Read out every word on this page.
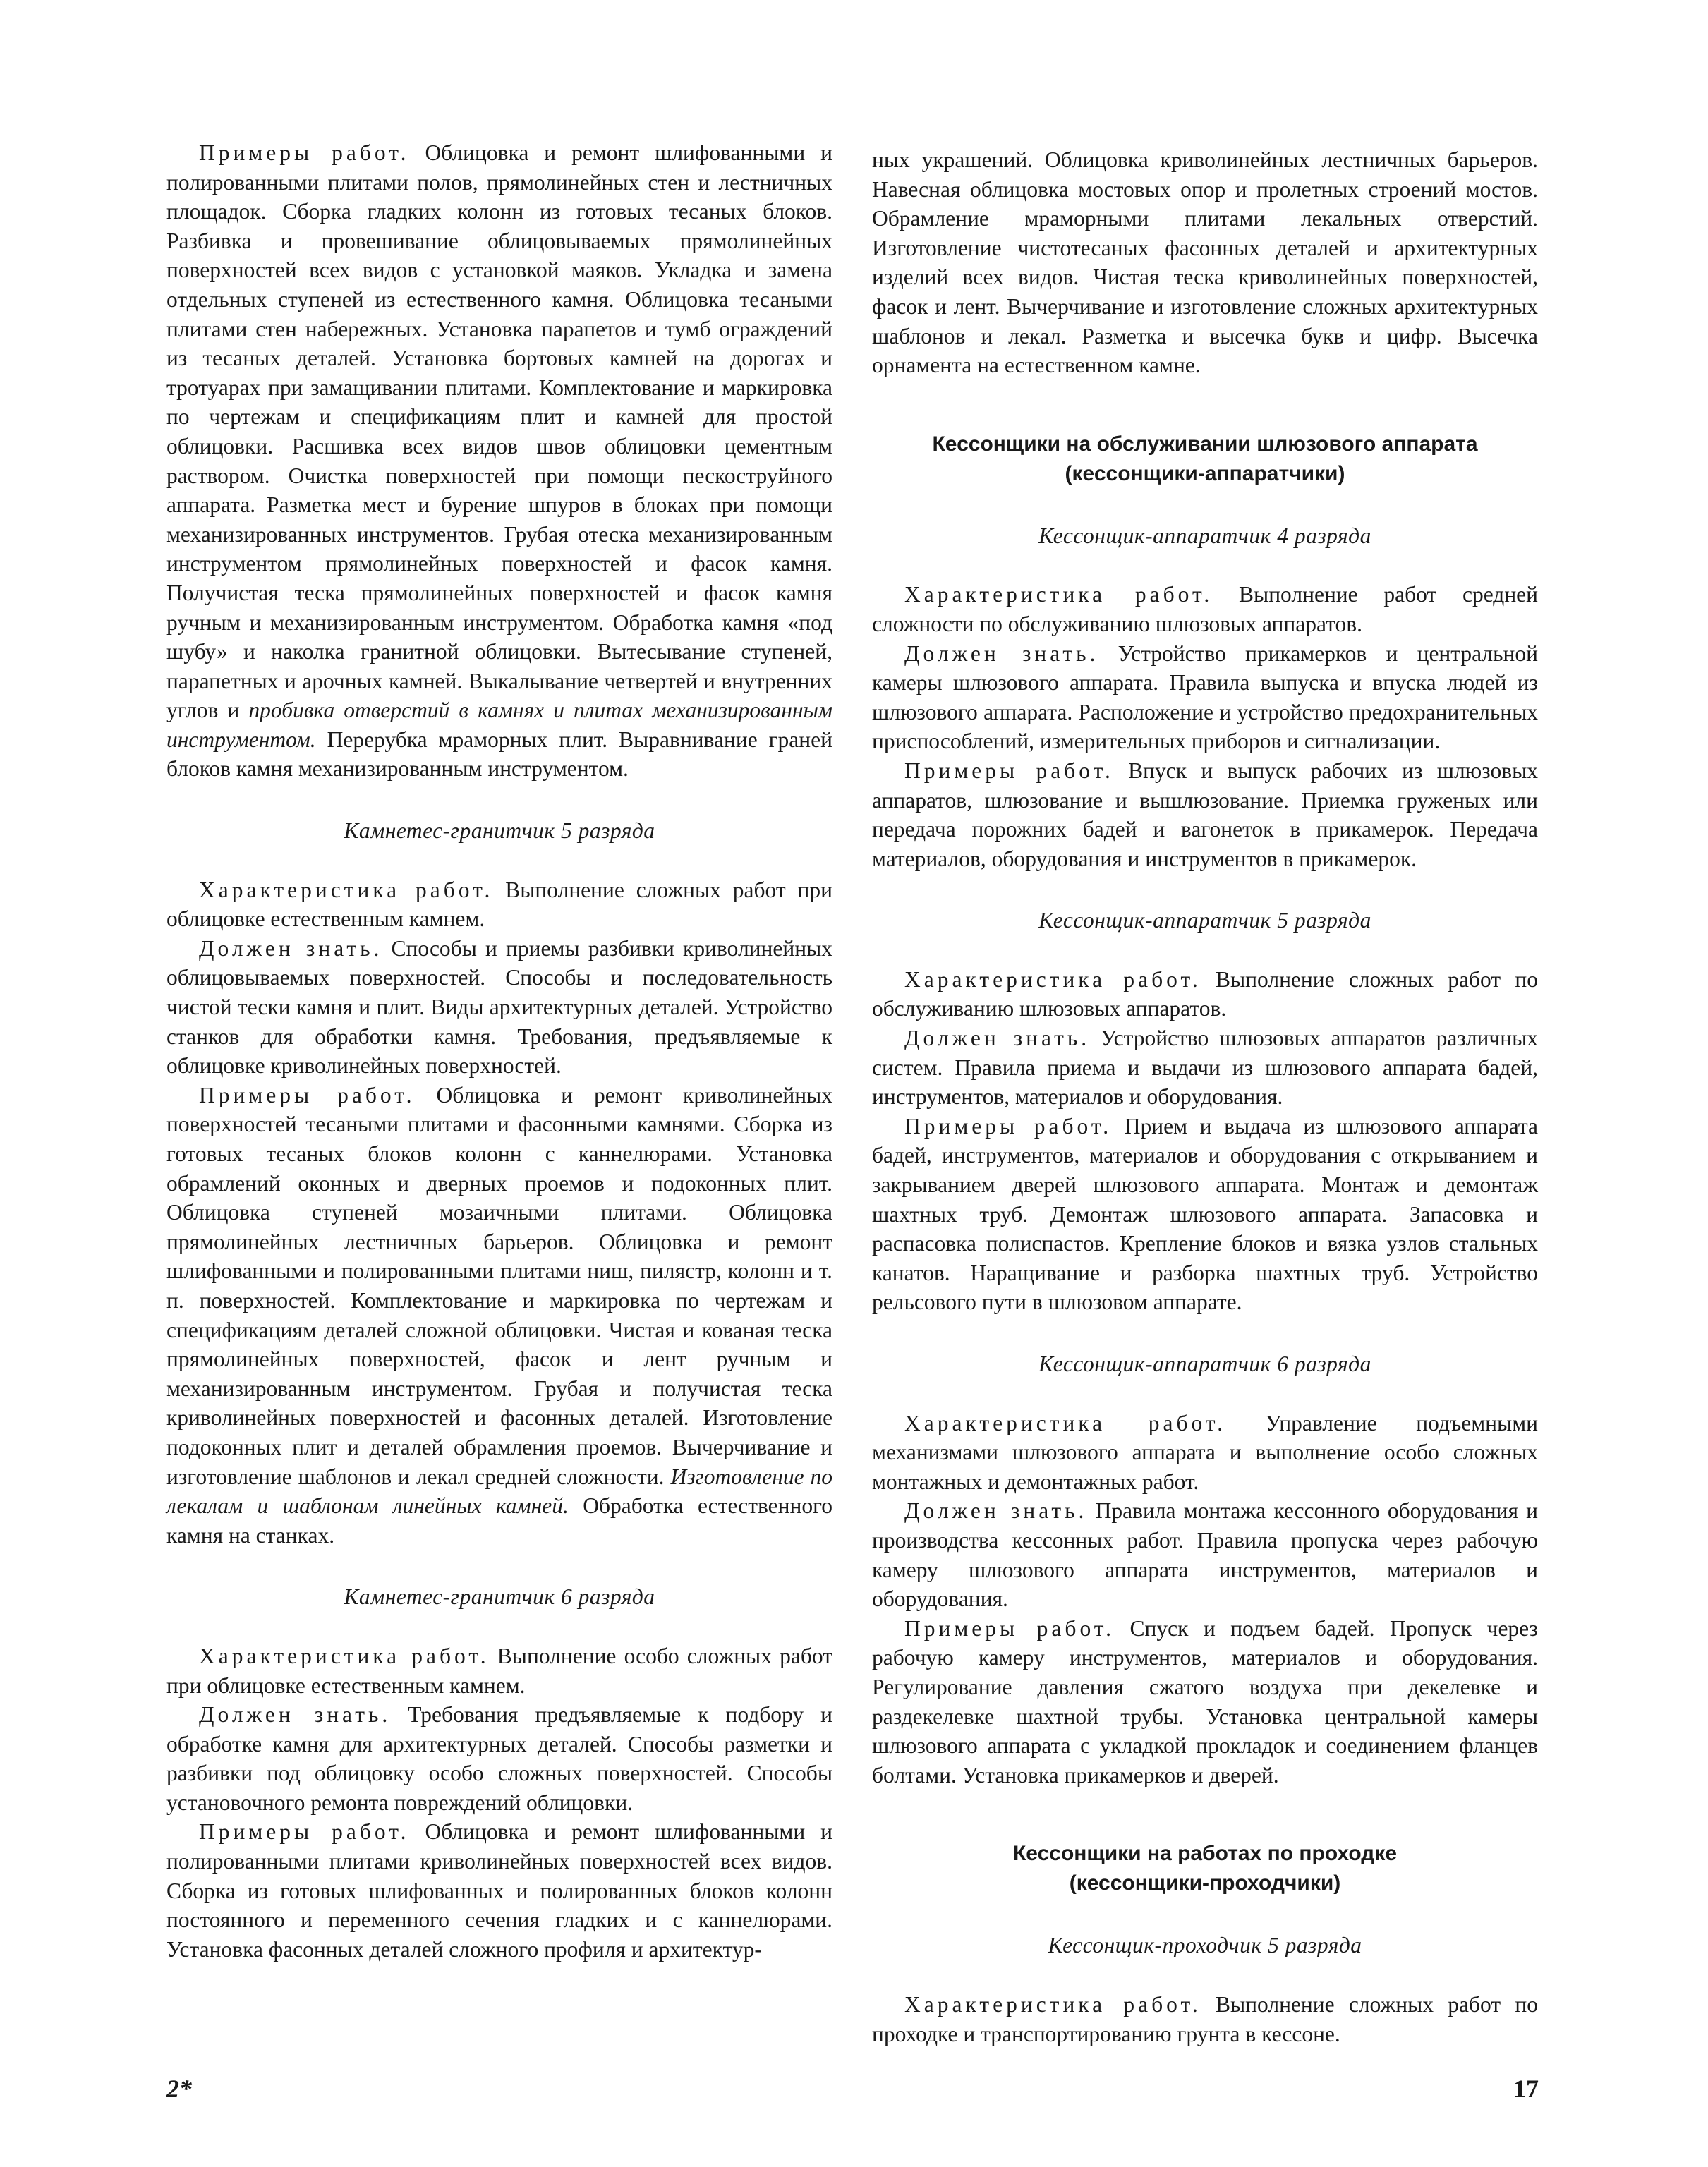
Примеры работ. Облицовка и ремонт шлифованными и полированными плитами полов, прямолинейных стен и лестничных площадок. Сборка гладких колонн из готовых тесаных блоков. Разбивка и провешивание облицовываемых прямолинейных поверхностей всех видов с установкой маяков. Укладка и замена отдельных ступеней из естественного камня. Облицовка тесаными плитами стен набережных. Установка парапетов и тумб ограждений из тесаных деталей. Установка бортовых камней на дорогах и тротуарах при замащивании плитами. Комплектование и маркировка по чертежам и спецификациям плит и камней для простой облицовки. Расшивка всех видов швов облицовки цементным раствором. Очистка поверхностей при помощи пескоструйного аппарата. Разметка мест и бурение шпуров в блоках при помощи механизированных инструментов. Грубая отеска механизированным инструментом прямолинейных поверхностей и фасок камня. Получистая теска прямолинейных поверхностей и фасок камня ручным и механизированным инструментом. Обработка камня «под шубу» и наколка гранитной облицовки. Вытесывание ступеней, парапетных и арочных камней. Выкалывание четвертей и внутренних углов и пробивка отверстий в камнях и плитах механизированным инструментом. Перерубка мраморных плит. Выравнивание граней блоков камня механизированным инструментом.

Камнетес-гранитчик 5 разряда

Характеристика работ. Выполнение сложных работ при облицовке естественным камнем.

Должен знать. Способы и приемы разбивки криволинейных облицовываемых поверхностей. Способы и последовательность чистой тески камня и плит. Виды архитектурных деталей. Устройство станков для обработки камня. Требования, предъявляемые к облицовке криволинейных поверхностей.

Примеры работ. Облицовка и ремонт криволинейных поверхностей тесаными плитами и фасонными камнями. Сборка из готовых тесаных блоков колонн с каннелюрами. Установка обрамлений оконных и дверных проемов и подоконных плит. Облицовка ступеней мозаичными плитами. Облицовка прямолинейных лестничных барьеров. Облицовка и ремонт шлифованными и полированными плитами ниш, пилястр, колонн и т. п. поверхностей. Комплектование и маркировка по чертежам и спецификациям деталей сложной облицовки. Чистая и кованая теска прямолинейных поверхностей, фасок и лент ручным и механизированным инструментом. Грубая и получистая теска криволинейных поверхностей и фасонных деталей. Изготовление подоконных плит и деталей обрамления проемов. Вычерчивание и изготовление шаблонов и лекал средней сложности. Изготовление по лекалам и шаблонам линейных камней. Обработка естественного камня на станках.

Камнетес-гранитчик 6 разряда

Характеристика работ. Выполнение особо сложных работ при облицовке естественным камнем.

Должен знать. Требования предъявляемые к подбору и обработке камня для архитектурных деталей. Способы разметки и разбивки под облицовку особо сложных поверхностей. Способы установочного ремонта повреждений облицовки.

Примеры работ. Облицовка и ремонт шлифованными и полированными плитами криволинейных поверхностей всех видов. Сборка из готовых шлифованных и полированных блоков колонн постоянного и переменного сечения гладких и с каннелюрами. Установка фасонных деталей сложного профиля и архитектур-

ных украшений. Облицовка криволинейных лестничных барьеров. Навесная облицовка мостовых опор и пролетных строений мостов. Обрамление мраморными плитами лекальных отверстий. Изготовление чистотесаных фасонных деталей и архитектурных изделий всех видов. Чистая теска криволинейных поверхностей, фасок и лент. Вычерчивание и изготовление сложных архитектурных шаблонов и лекал. Разметка и высечка букв и цифр. Высечка орнамента на естественном камне.

Кессонщики на обслуживании шлюзового аппарата
(кессонщики-аппаратчики)
Кессонщик-аппаратчик 4 разряда

Характеристика работ. Выполнение работ средней сложности по обслуживанию шлюзовых аппаратов.

Должен знать. Устройство прикамерков и центральной камеры шлюзового аппарата. Правила выпуска и впуска людей из шлюзового аппарата. Расположение и устройство предохранительных приспособлений, измерительных приборов и сигнализации.

Примеры работ. Впуск и выпуск рабочих из шлюзовых аппаратов, шлюзование и вышлюзование. Приемка груженых или передача порожних бадей и вагонеток в прикамерок. Передача материалов, оборудования и инструментов в прикамерок.

Кессонщик-аппаратчик 5 разряда

Характеристика работ. Выполнение сложных работ по обслуживанию шлюзовых аппаратов.

Должен знать. Устройство шлюзовых аппаратов различных систем. Правила приема и выдачи из шлюзового аппарата бадей, инструментов, материалов и оборудования.

Примеры работ. Прием и выдача из шлюзового аппарата бадей, инструментов, материалов и оборудования с открыванием и закрыванием дверей шлюзового аппарата. Монтаж и демонтаж шахтных труб. Демонтаж шлюзового аппарата. Запасовка и распасовка полиспастов. Крепление блоков и вязка узлов стальных канатов. Наращивание и разборка шахтных труб. Устройство рельсового пути в шлюзовом аппарате.

Кессонщик-аппаратчик 6 разряда

Характеристика работ. Управление подъемными механизмами шлюзового аппарата и выполнение особо сложных монтажных и демонтажных работ.

Должен знать. Правила монтажа кессонного оборудования и производства кессонных работ. Правила пропуска через рабочую камеру шлюзового аппарата инструментов, материалов и оборудования.

Примеры работ. Спуск и подъем бадей. Пропуск через рабочую камеру инструментов, материалов и оборудования. Регулирование давления сжатого воздуха при декелевке и раздекелевке шахтной трубы. Установка центральной камеры шлюзового аппарата с укладкой прокладок и соединением фланцев болтами. Установка прикамерков и дверей.

Кессонщики на работах по проходке
(кессонщики-проходчики)
Кессонщик-проходчик 5 разряда

Характеристика работ. Выполнение сложных работ по проходке и транспортированию грунта в кессоне.

2*	17
